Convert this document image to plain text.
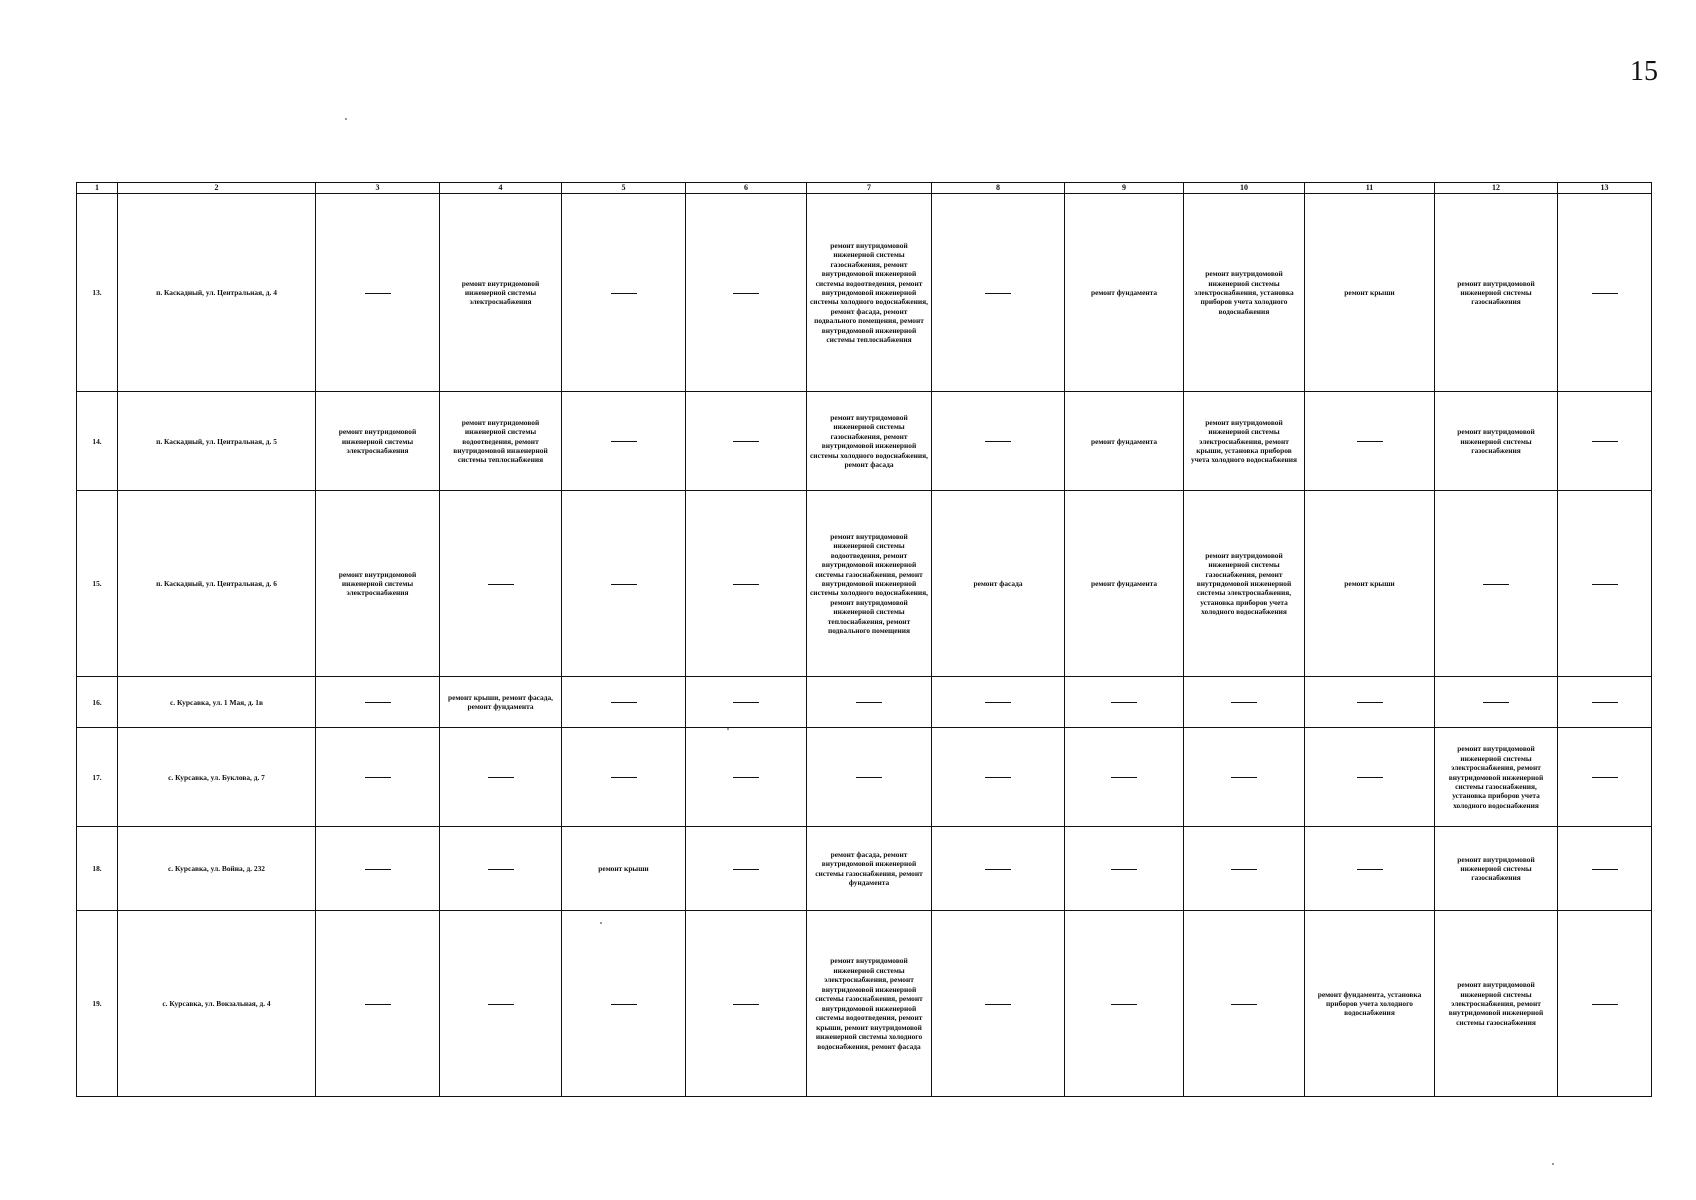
15
1	2	3	4	5	6	7	8	9	10	11	12	13
13.	п. Каскадный, ул. Центральная, д. 4		ремонт внутридомовой инженерной системы электроснабжения			ремонт внутридомовой инженерной системы газоснабжения, ремонт внутридомовой инженерной системы водоотведения, ремонт внутридомовой инженерной системы холодного водоснабжения, ремонт фасада, ремонт подвального помещения, ремонт внутридомовой инженерной системы теплоснабжения		ремонт фундамента	ремонт внутридомовой инженерной системы электроснабжения, установка приборов учета холодного водоснабжения	ремонт крыши	ремонт внутридомовой инженерной системы газоснабжения	
14.	п. Каскадный, ул. Центральная, д. 5	ремонт внутридомовой инженерной системы электроснабжения	ремонт внутридомовой инженерной системы водоотведения, ремонт внутридомовой инженерной системы теплоснабжения			ремонт внутридомовой инженерной системы газоснабжения, ремонт внутридомовой инженерной системы холодного водоснабжения, ремонт фасада		ремонт фундамента	ремонт внутридомовой инженерной системы электроснабжения, ремонт крыши, установка приборов учета холодного водоснабжения		ремонт внутридомовой инженерной системы газоснабжения	
15.	п. Каскадный, ул. Центральная, д. 6	ремонт внутридомовой инженерной системы электроснабжения				ремонт внутридомовой инженерной системы водоотведения, ремонт внутридомовой инженерной системы газоснабжения, ремонт внутридомовой инженерной системы холодного водоснабжения, ремонт внутридомовой инженерной системы теплоснабжения, ремонт подвального помещения	ремонт фасада	ремонт фундамента	ремонт внутридомовой инженерной системы газоснабжения, ремонт внутридомовой инженерной системы электроснабжения, установка приборов учета холодного водоснабжения	ремонт крыши		
16.	с. Курсавка, ул. 1 Мая, д. 1в		ремонт крыши, ремонт фасада, ремонт фундамента									
17.	с. Курсавка, ул. Буклова, д. 7										ремонт внутридомовой инженерной системы электроснабжения, ремонт внутридомовой инженерной системы газоснабжения, установка приборов учета холодного водоснабжения	
18.	с. Курсавка, ул. Война, д. 232			ремонт крыши		ремонт фасада, ремонт внутридомовой инженерной системы газоснабжения, ремонт фундамента					ремонт внутридомовой инженерной системы газоснабжения	
19.	с. Курсавка, ул. Вокзальная, д. 4					ремонт внутридомовой инженерной системы электроснабжения, ремонт внутридомовой инженерной системы газоснабжения, ремонт внутридомовой инженерной системы водоотведения, ремонт крыши, ремонт внутридомовой инженерной системы холодного водоснабжения, ремонт фасада				ремонт фундамента, установка приборов учета холодного водоснабжения	ремонт внутридомовой инженерной системы электроснабжения, ремонт внутридомовой инженерной системы газоснабжения	
